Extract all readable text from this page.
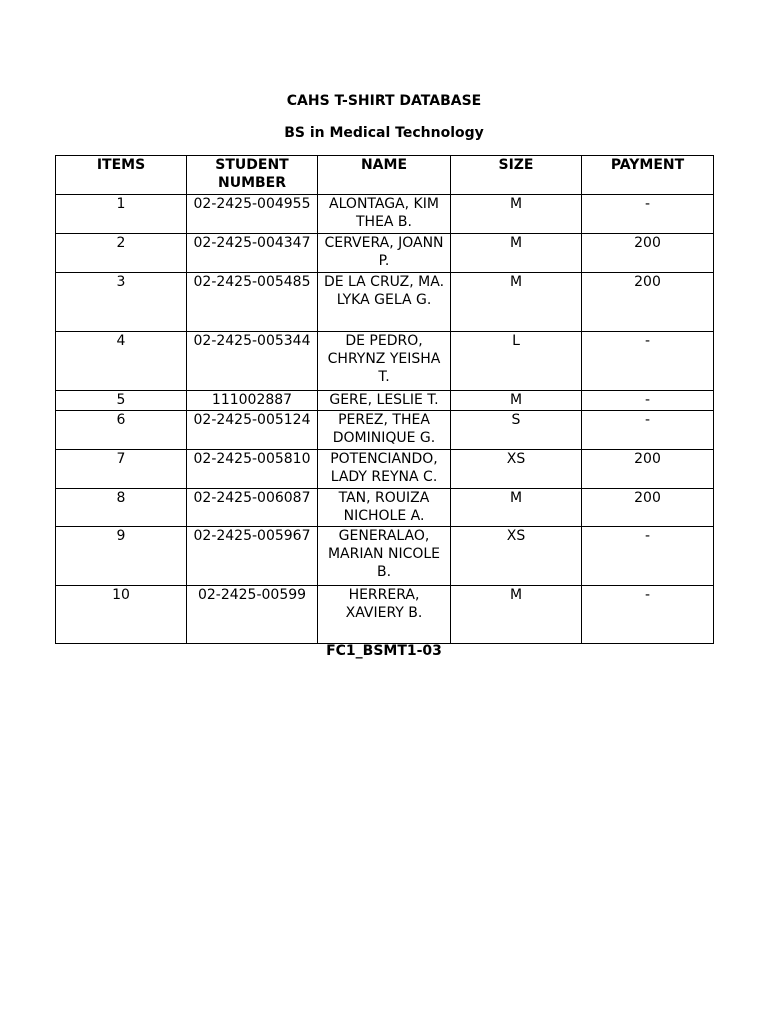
CAHS T-SHIRT DATABASE
BS in Medical Technology
ITEMS	STUDENT NUMBER	NAME	SIZE	PAYMENT
1	02-2425-004955	ALONTAGA, KIM THEA B.	M	-
2	02-2425-004347	CERVERA, JOANN P.	M	200
3	02-2425-005485	DE LA CRUZ, MA. LYKA GELA G.	M	200
4	02-2425-005344	DE PEDRO, CHRYNZ YEISHA T.	L	-
5	111002887	GERE, LESLIE T.	M	-
6	02-2425-005124	PEREZ, THEA DOMINIQUE G.	S	-
7	02-2425-005810	POTENCIANDO, LADY REYNA C.	XS	200
8	02-2425-006087	TAN, ROUIZA NICHOLE A.	M	200
9	02-2425-005967	GENERALAO, MARIAN NICOLE B.	XS	-
10	02-2425-00599	HERRERA, XAVIERY B.	M	-
FC1_BSMT1-03
